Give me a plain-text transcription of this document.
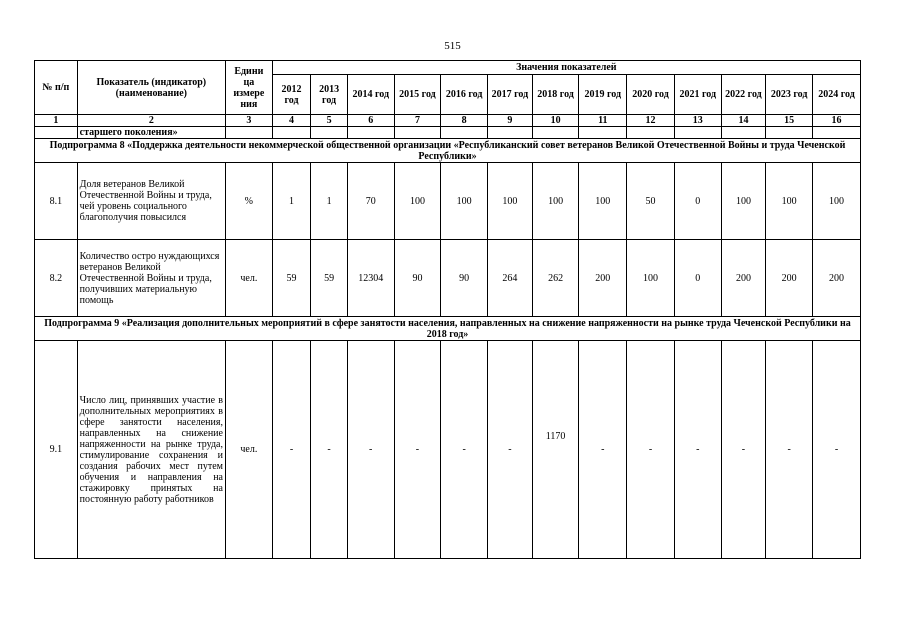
515
№ п/п	Показатель (индикатор) (наименование)	Едини ца измере ния	Значения показателей												
			2012 год	2013 год	2014 год	2015 год	2016 год	2017 год	2018 год	2019 год	2020 год	2021 год	2022 год	2023 год	2024 год
1	2	3	4	5	6	7	8	9	10	11	12	13	14	15	16
	старшего поколения»														
Подпрограмма 8 «Поддержка деятельности некоммерческой общественной организации «Республиканский совет ветеранов Великой Отечественной Войны и труда Чеченской Республики»															
8.1	Доля ветеранов Великой Отечественной Войны и труда, чей уровень социального благополучия повысился	%	1	1	70	100	100	100	100	100	50	0	100	100	100
8.2	Количество остро нуждающихся ветеранов Великой Отечественной Войны и труда, получивших материальную помощь	чел.	59	59	12304	90	90	264	262	200	100	0	200	200	200
Подпрограмма 9 «Реализация дополнительных мероприятий в сфере занятости населения, направленных на снижение напряженности на рынке труда Чеченской Республики на 2018 год»															
9.1	Число лиц, принявших участие в дополнительных мероприятиях в сфере занятости населения, направленных на снижение напряженности на рынке труда, стимулирование сохранения и создания рабочих мест путем обучения и направления на стажировку принятых на постоянную работу работников	чел.	-	-	-	-	-	-	1170	-	-	-	-	-	-
